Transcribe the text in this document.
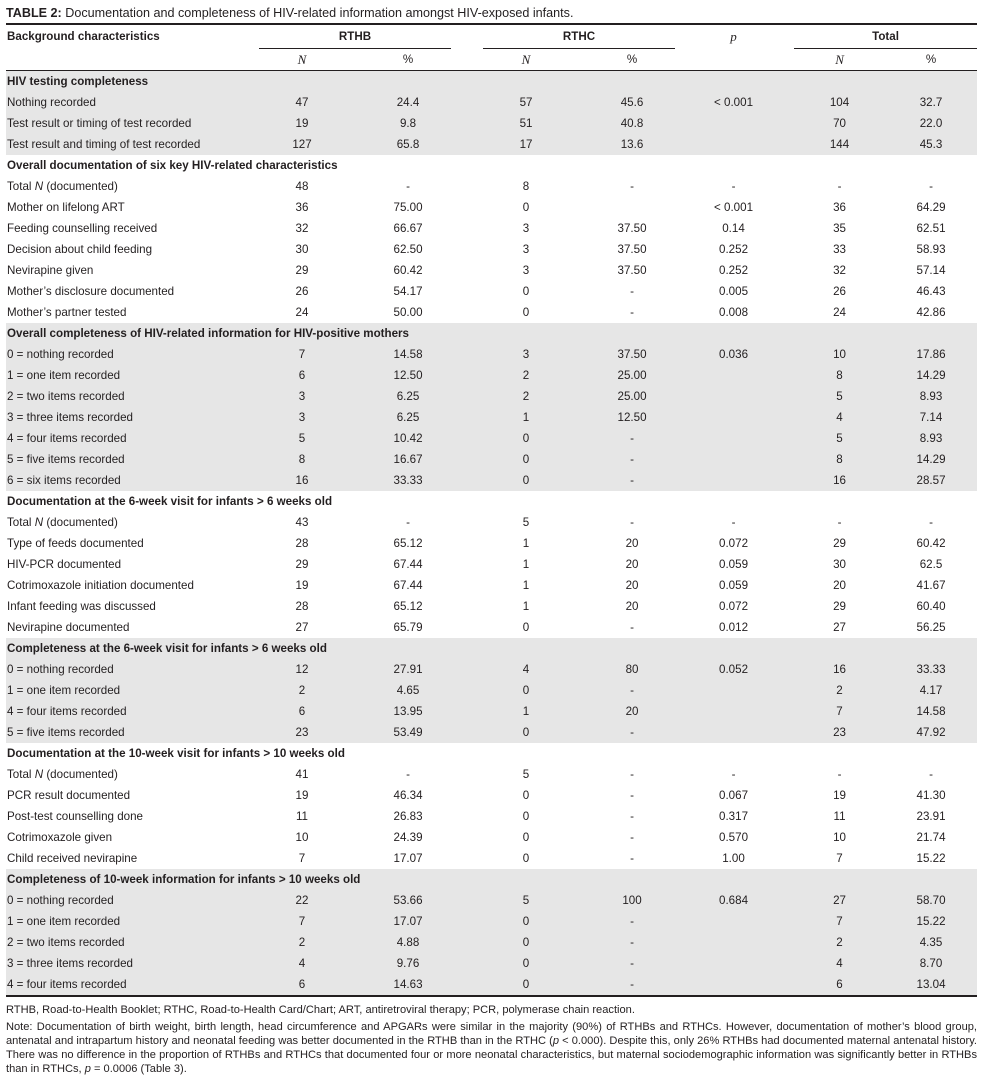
TABLE 2: Documentation and completeness of HIV-related information amongst HIV-exposed infants.
Background characteristics	RTHB			RTHC		p		Total	

	N	%		N	%			N	%
HIV testing completeness									
Nothing recorded	47	24.4		57	45.6	< 0.001		104	32.7
Test result or timing of test recorded	19	9.8		51	40.8			70	22.0
Test result and timing of test recorded	127	65.8		17	13.6			144	45.3
Overall documentation of six key HIV-related characteristics									
Total N (documented)	48	-		8	-	-		-	-
Mother on lifelong ART	36	75.00		0		< 0.001		36	64.29
Feeding counselling received	32	66.67		3	37.50	0.14		35	62.51
Decision about child feeding	30	62.50		3	37.50	0.252		33	58.93
Nevirapine given	29	60.42		3	37.50	0.252		32	57.14
Mother’s disclosure documented	26	54.17		0	-	0.005		26	46.43
Mother’s partner tested	24	50.00		0	-	0.008		24	42.86
Overall completeness of HIV-related information for HIV-positive mothers									
0 = nothing recorded	7	14.58		3	37.50	0.036		10	17.86
1 = one item recorded	6	12.50		2	25.00			8	14.29
2 = two items recorded	3	6.25		2	25.00			5	8.93
3 = three items recorded	3	6.25		1	12.50			4	7.14
4 = four items recorded	5	10.42		0	-			5	8.93
5 = five items recorded	8	16.67		0	-			8	14.29
6 = six items recorded	16	33.33		0	-			16	28.57
Documentation at the 6-week visit for infants > 6 weeks old									
Total N (documented)	43	-		5	-	-		-	-
Type of feeds documented	28	65.12		1	20	0.072		29	60.42
HIV-PCR documented	29	67.44		1	20	0.059		30	62.5
Cotrimoxazole initiation documented	19	67.44		1	20	0.059		20	41.67
Infant feeding was discussed	28	65.12		1	20	0.072		29	60.40
Nevirapine documented	27	65.79		0	-	0.012		27	56.25
Completeness at the 6-week visit for infants > 6 weeks old									
0 = nothing recorded	12	27.91		4	80	0.052		16	33.33
1 = one item recorded	2	4.65		0	-			2	4.17
4 = four items recorded	6	13.95		1	20			7	14.58
5 = five items recorded	23	53.49		0	-			23	47.92
Documentation at the 10-week visit for infants > 10 weeks old									
Total N (documented)	41	-		5	-	-		-	-
PCR result documented	19	46.34		0	-	0.067		19	41.30
Post-test counselling done	11	26.83		0	-	0.317		11	23.91
Cotrimoxazole given	10	24.39		0	-	0.570		10	21.74
Child received nevirapine	7	17.07		0	-	1.00		7	15.22
Completeness of 10-week information for infants > 10 weeks old									
0 = nothing recorded	22	53.66		5	100	0.684		27	58.70
1 = one item recorded	7	17.07		0	-			7	15.22
2 = two items recorded	2	4.88		0	-			2	4.35
3 = three items recorded	4	9.76		0	-			4	8.70
4 = four items recorded	6	14.63		0	-			6	13.04

RTHB, Road-to-Health Booklet; RTHC, Road-to-Health Card/Chart; ART, antiretroviral therapy; PCR, polymerase chain reaction.

Note: Documentation of birth weight, birth length, head circumference and APGARs were similar in the majority (90%) of RTHBs and RTHCs. However, documentation of mother’s blood group, antenatal and intrapartum history and neonatal feeding was better documented in the RTHB than in the RTHC (p < 0.000). Despite this, only 26% RTHBs had documented maternal antenatal history. There was no difference in the proportion of RTHBs and RTHCs that documented four or more neonatal characteristics, but maternal sociodemographic information was significantly better in RTHBs than in RTHCs, p = 0.0006 (Table 3).
